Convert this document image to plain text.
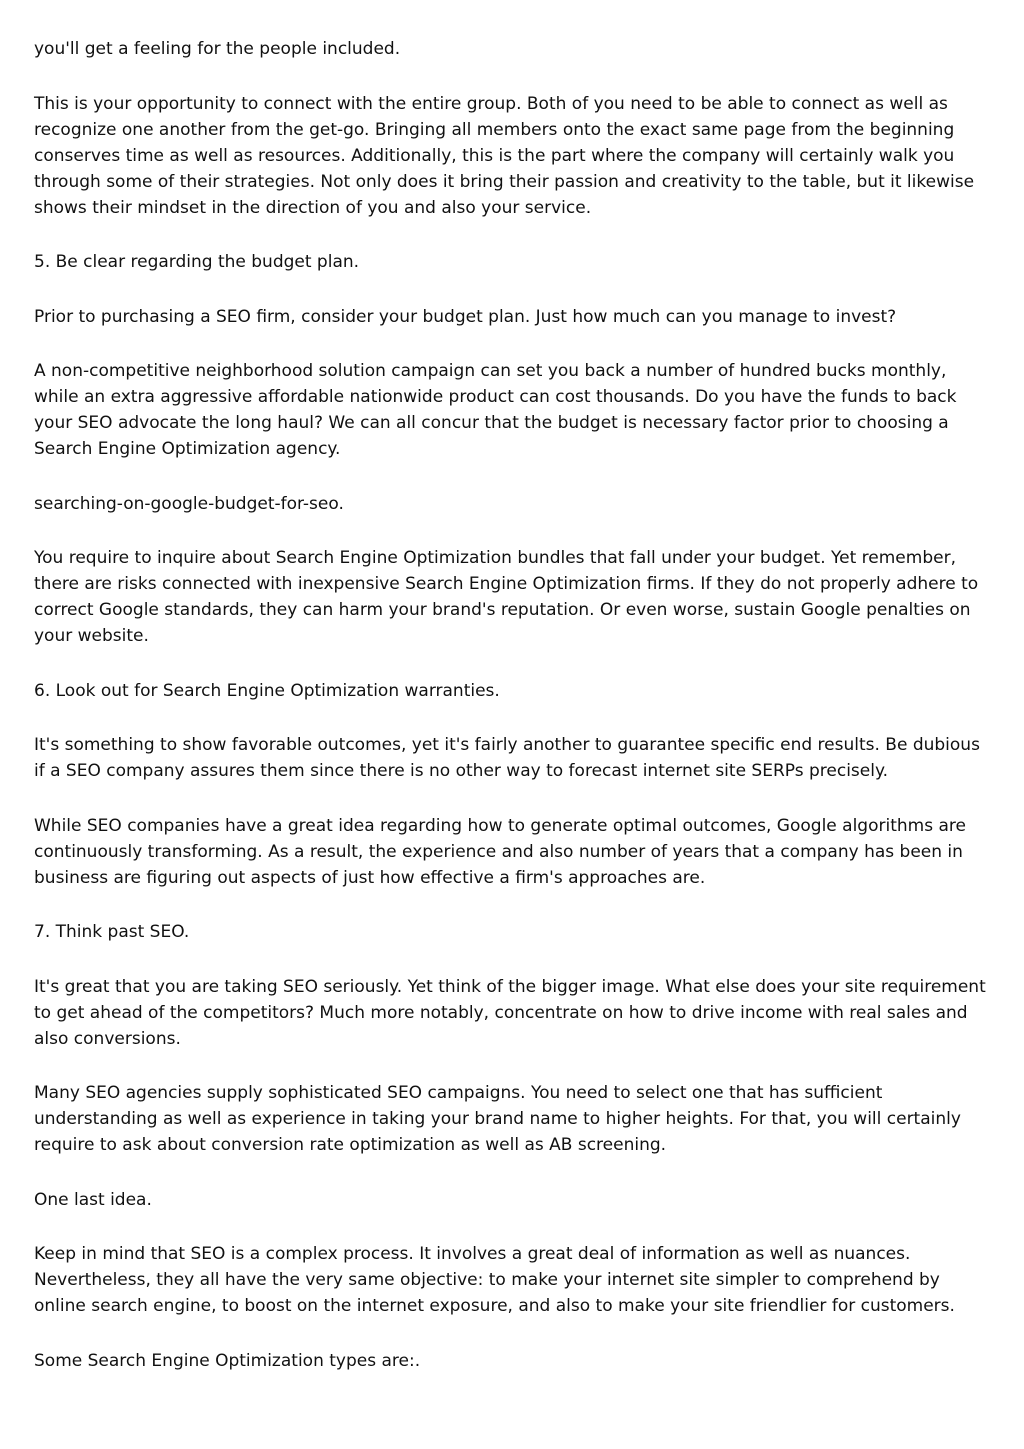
you'll get a feeling for the people included.

This is your opportunity to connect with the entire group. Both of you need to be able to connect as well as recognize one another from the get-go. Bringing all members onto the exact same page from the beginning conserves time as well as resources. Additionally, this is the part where the company will certainly walk you through some of their strategies. Not only does it bring their passion and creativity to the table, but it likewise shows their mindset in the direction of you and also your service.

5. Be clear regarding the budget plan.

Prior to purchasing a SEO firm, consider your budget plan. Just how much can you manage to invest?

A non-competitive neighborhood solution campaign can set you back a number of hundred bucks monthly, while an extra aggressive affordable nationwide product can cost thousands. Do you have the funds to back your SEO advocate the long haul? We can all concur that the budget is necessary factor prior to choosing a Search Engine Optimization agency.

searching-on-google-budget-for-seo.

You require to inquire about Search Engine Optimization bundles that fall under your budget. Yet remember, there are risks connected with inexpensive Search Engine Optimization firms. If they do not properly adhere to correct Google standards, they can harm your brand's reputation. Or even worse, sustain Google penalties on your website.

6. Look out for Search Engine Optimization warranties.

It's something to show favorable outcomes, yet it's fairly another to guarantee specific end results. Be dubious if a SEO company assures them since there is no other way to forecast internet site SERPs precisely.

While SEO companies have a great idea regarding how to generate optimal outcomes, Google algorithms are continuously transforming. As a result, the experience and also number of years that a company has been in business are figuring out aspects of just how effective a firm's approaches are.

7. Think past SEO.

It's great that you are taking SEO seriously. Yet think of the bigger image. What else does your site requirement to get ahead of the competitors? Much more notably, concentrate on how to drive income with real sales and also conversions.

Many SEO agencies supply sophisticated SEO campaigns. You need to select one that has sufficient understanding as well as experience in taking your brand name to higher heights. For that, you will certainly require to ask about conversion rate optimization as well as AB screening.

One last idea.

Keep in mind that SEO is a complex process. It involves a great deal of information as well as nuances. Nevertheless, they all have the very same objective: to make your internet site simpler to comprehend by online search engine, to boost on the internet exposure, and also to make your site friendlier for customers.

Some Search Engine Optimization types are:.
